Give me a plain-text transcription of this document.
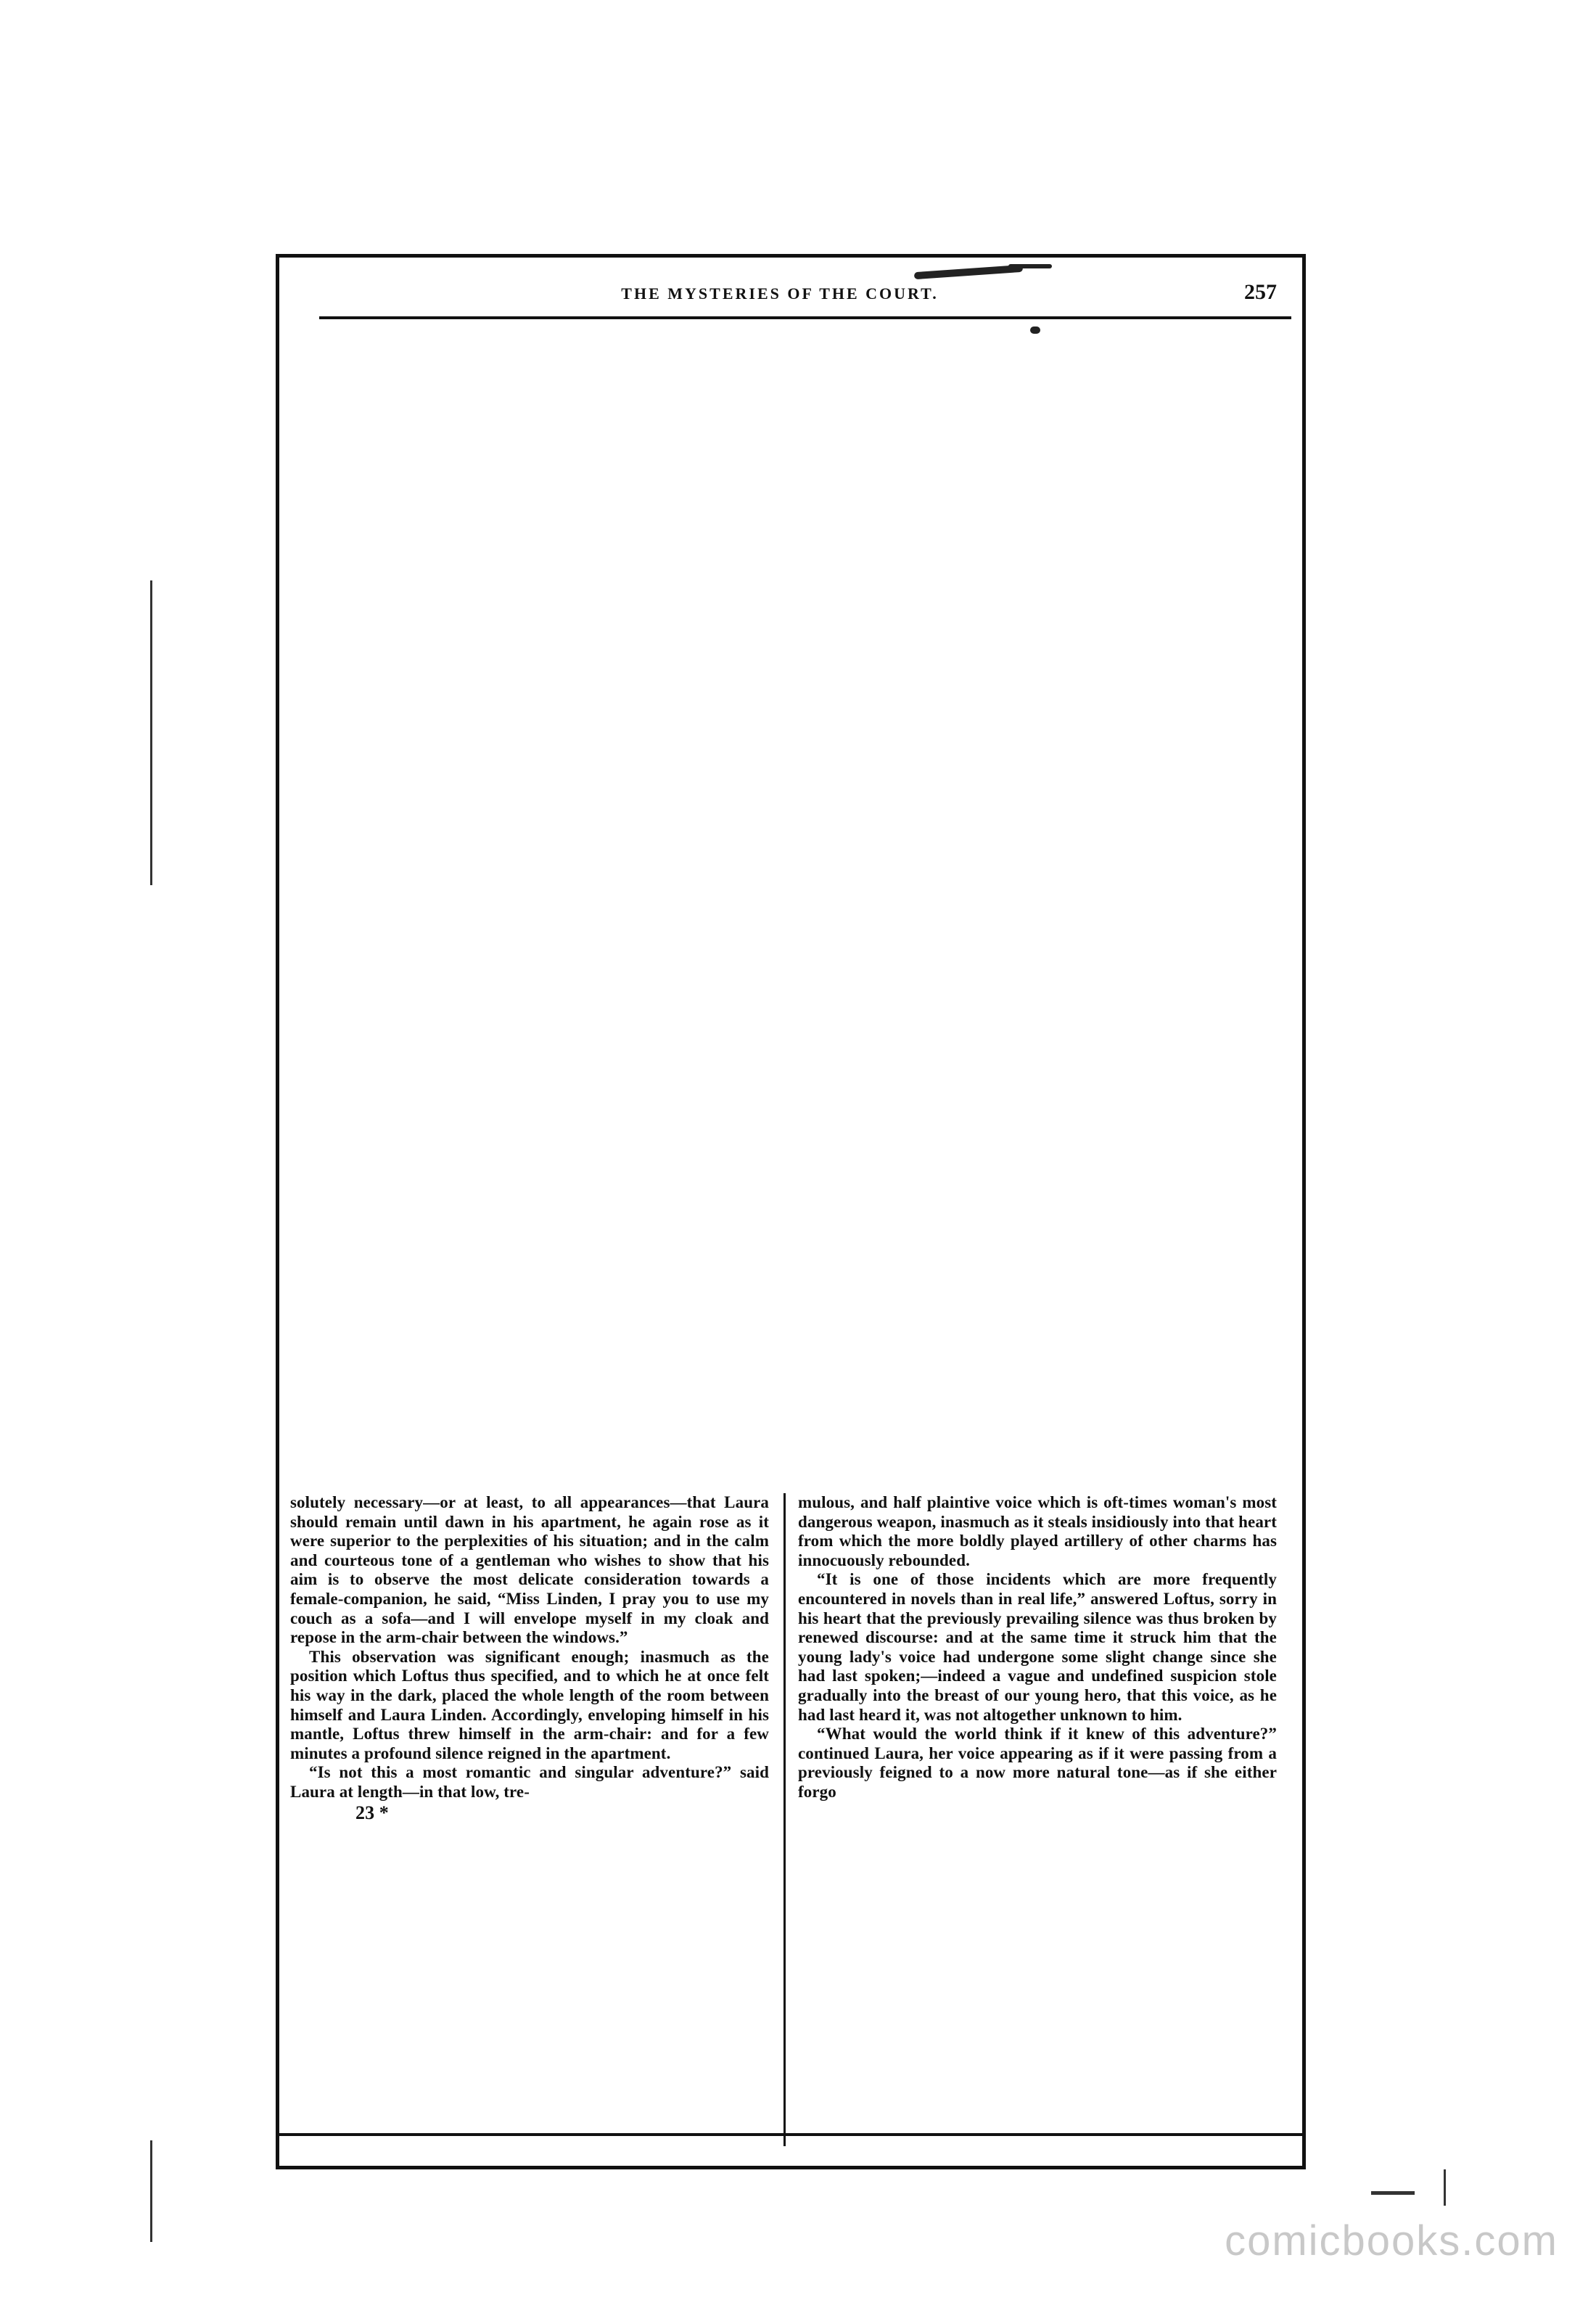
THE MYSTERIES OF THE COURT.	257

solutely necessary—or at least, to all appearances—that Laura should remain until dawn in his apartment, he again rose as it were superior to the perplexities of his situation; and in the calm and courteous tone of a gentleman who wishes to show that his aim is to observe the most delicate consideration towards a female-companion, he said, “Miss Linden, I pray you to use my couch as a sofa—and I will envelope myself in my cloak and repose in the arm-chair between the windows.”

This observation was significant enough; inasmuch as the position which Loftus thus specified, and to which he at once felt his way in the dark, placed the whole length of the room between himself and Laura Linden. Accordingly, enveloping himself in his mantle, Loftus threw himself in the arm-chair: and for a few minutes a profound silence reigned in the apartment.

“Is not this a most romantic and singular adventure?” said Laura at length—in that low, tre-

23 *

mulous, and half plaintive voice which is oft-times woman's most dangerous weapon, inasmuch as it steals insidiously into that heart from which the more boldly played artillery of other charms has innocuously rebounded.

“It is one of those incidents which are more frequently encountered in novels than in real life,” answered Loftus, sorry in his heart that the previously prevailing silence was thus broken by renewed discourse: and at the same time it struck him that the young lady's voice had undergone some slight change since she had last spoken;—indeed a vague and undefined suspicion stole gradually into the breast of our young hero, that this voice, as he had last heard it, was not altogether unknown to him.

“What would the world think if it knew of this adventure?” continued Laura, her voice appearing as if it were passing from a previously feigned to a now more natural tone—as if she either forgo

comicbooks.com
